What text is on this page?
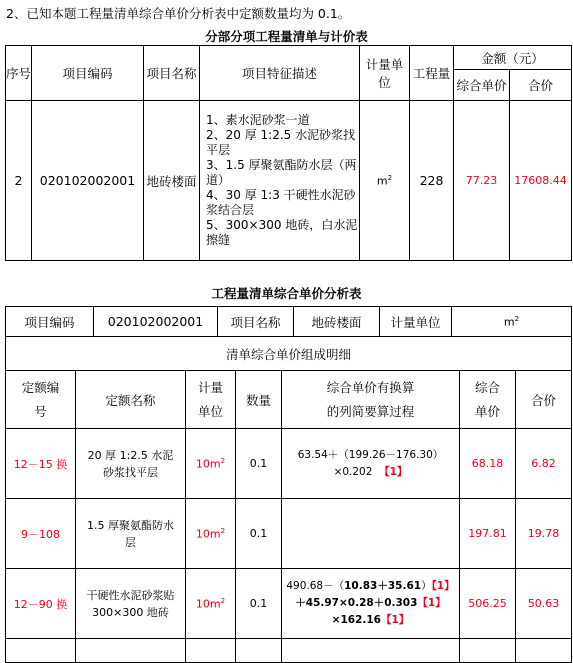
2、已知本题工程量清单综合单价分析表中定额数量均为 0.1。
分部分项工程量清单与计价表
序号	项目编码	项目名称	项目特征描述	计量单位	工程量	金额（元）	
						综合单价	合价
2	020102002001	地砖楼面	1、素水泥砂浆一道
2、20 厚 1:2.5 水泥砂浆找平层
3、1.5 厚聚氨酯防水层（两道）
4、30 厚 1:3 干硬性水泥砂浆结合层
5、300×300 地砖，白水泥擦缝	$m^2$	228	77.23	17608.44
工程量清单综合单价分析表
项目编码	020102002001	项目名称	地砖楼面	计量单位	$m^2$
清单综合单价组成明细						
定额编号	定额名称	计量单位	数量	综合单价有换算的列简要算过程	综合单价	合价
12－15 换	20 厚 1:2.5 水泥砂浆找平层	$10m^2$	0.1	63.54＋（199.26－176.30）
×0.202 【1】	68.18	6.82
9－108	1.5 厚聚氨酯防水层	$10m^2$	0.1		197.81	19.78
12－90 换	干硬性水泥砂浆贴 300×300 地砖	$10m^2$	0.1	490.68－（10.83＋35.61）【1】
＋45.97×0.28＋0.303【1】
×162.16【1】	506.25	50.63
